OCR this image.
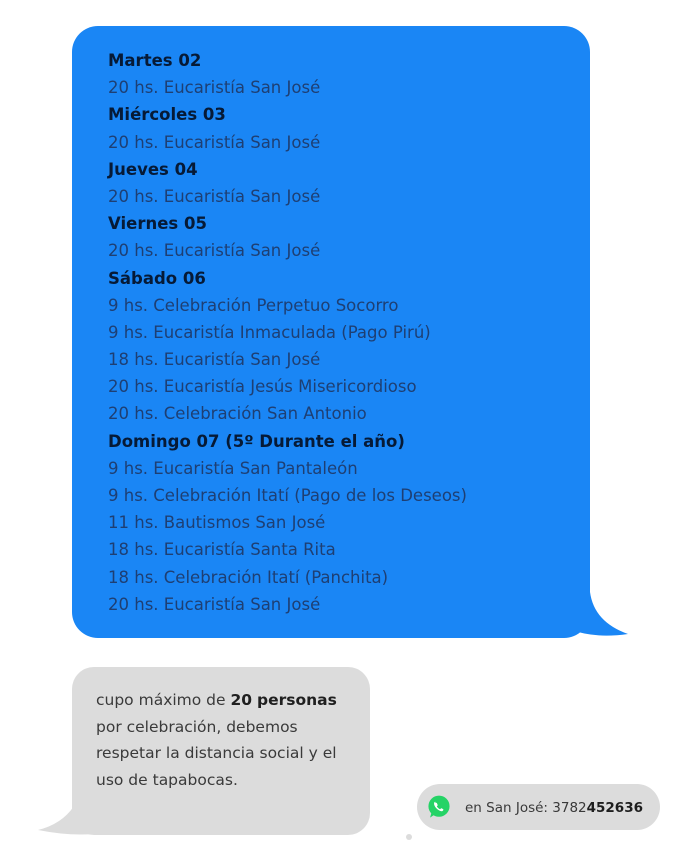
Martes 02
20 hs. Eucaristía San José
Miércoles 03
20 hs. Eucaristía San José
Jueves 04
20 hs. Eucaristía San José
Viernes 05
20 hs. Eucaristía San José
Sábado 06
9 hs. Celebración Perpetuo Socorro
9 hs. Eucaristía Inmaculada (Pago Pirú)
18 hs. Eucaristía San José
20 hs. Eucaristía Jesús Misericordioso
20 hs. Celebración San Antonio
Domingo 07 (5º Durante el año)
9 hs. Eucaristía San Pantaleón
9 hs. Celebración Itatí (Pago de los Deseos)
11 hs. Bautismos San José
18 hs. Eucaristía Santa Rita
18 hs. Celebración Itatí (Panchita)
20 hs. Eucaristía San José

cupo máximo de 20 personas por celebración, debemos respetar la distancia social y el uso de tapabocas.

en San José: 3782452636
